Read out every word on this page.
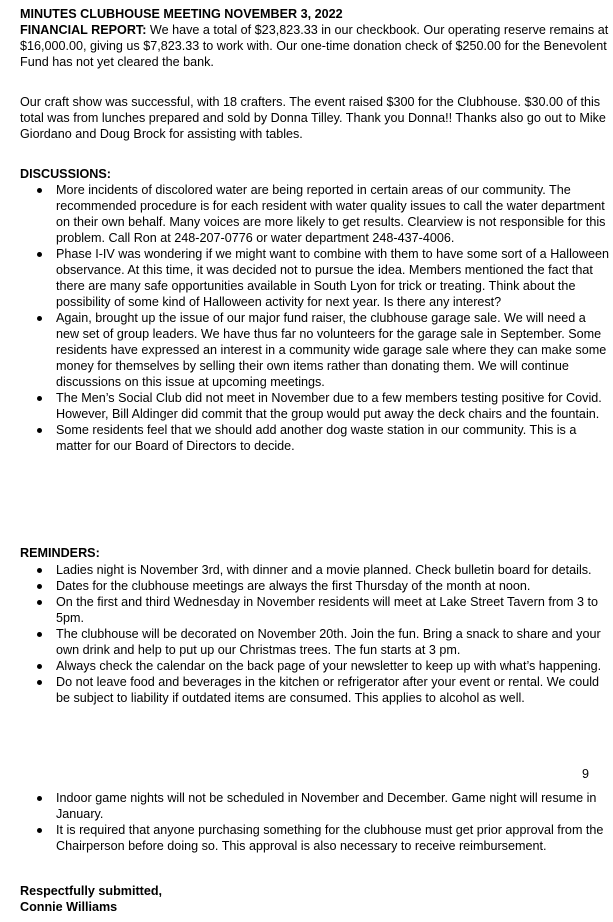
MINUTES CLUBHOUSE MEETING NOVEMBER 3, 2022
FINANCIAL REPORT: We have a total of $23,823.33 in our checkbook. Our operating reserve remains at $16,000.00, giving us $7,823.33 to work with. Our one-time donation check of $250.00 for the Benevolent Fund has not yet cleared the bank.
Our craft show was successful, with 18 crafters. The event raised $300 for the Clubhouse. $30.00 of this total was from lunches prepared and sold by Donna Tilley. Thank you Donna!! Thanks also go out to Mike Giordano and Doug Brock for assisting with tables.
DISCUSSIONS:
More incidents of discolored water are being reported in certain areas of our community. The recommended procedure is for each resident with water quality issues to call the water department on their own behalf. Many voices are more likely to get results. Clearview is not responsible for this problem. Call Ron at 248-207-0776 or water department 248-437-4006.
Phase I-IV was wondering if we might want to combine with them to have some sort of a Halloween observance. At this time, it was decided not to pursue the idea. Members mentioned the fact that there are many safe opportunities available in South Lyon for trick or treating. Think about the possibility of some kind of Halloween activity for next year. Is there any interest?
Again, brought up the issue of our major fund raiser, the clubhouse garage sale. We will need a new set of group leaders. We have thus far no volunteers for the garage sale in September. Some residents have expressed an interest in a community wide garage sale where they can make some money for themselves by selling their own items rather than donating them. We will continue discussions on this issue at upcoming meetings.
The Men’s Social Club did not meet in November due to a few members testing positive for Covid. However, Bill Aldinger did commit that the group would put away the deck chairs and the fountain.
Some residents feel that we should add another dog waste station in our community. This is a matter for our Board of Directors to decide.
REMINDERS:
Ladies night is November 3rd, with dinner and a movie planned. Check bulletin board for details.
Dates for the clubhouse meetings are always the first Thursday of the month at noon.
On the first and third Wednesday in November residents will meet at Lake Street Tavern from 3 to 5pm.
The clubhouse will be decorated on November 20th. Join the fun. Bring a snack to share and your own drink and help to put up our Christmas trees. The fun starts at 3 pm.
Always check the calendar on the back page of your newsletter to keep up with what’s happening.
Do not leave food and beverages in the kitchen or refrigerator after your event or rental. We could be subject to liability if outdated items are consumed. This applies to alcohol as well.
9
Indoor game nights will not be scheduled in November and December. Game night will resume in January.
It is required that anyone purchasing something for the clubhouse must get prior approval from the Chairperson before doing so. This approval is also necessary to receive reimbursement.
Respectfully submitted,
Connie Williams
